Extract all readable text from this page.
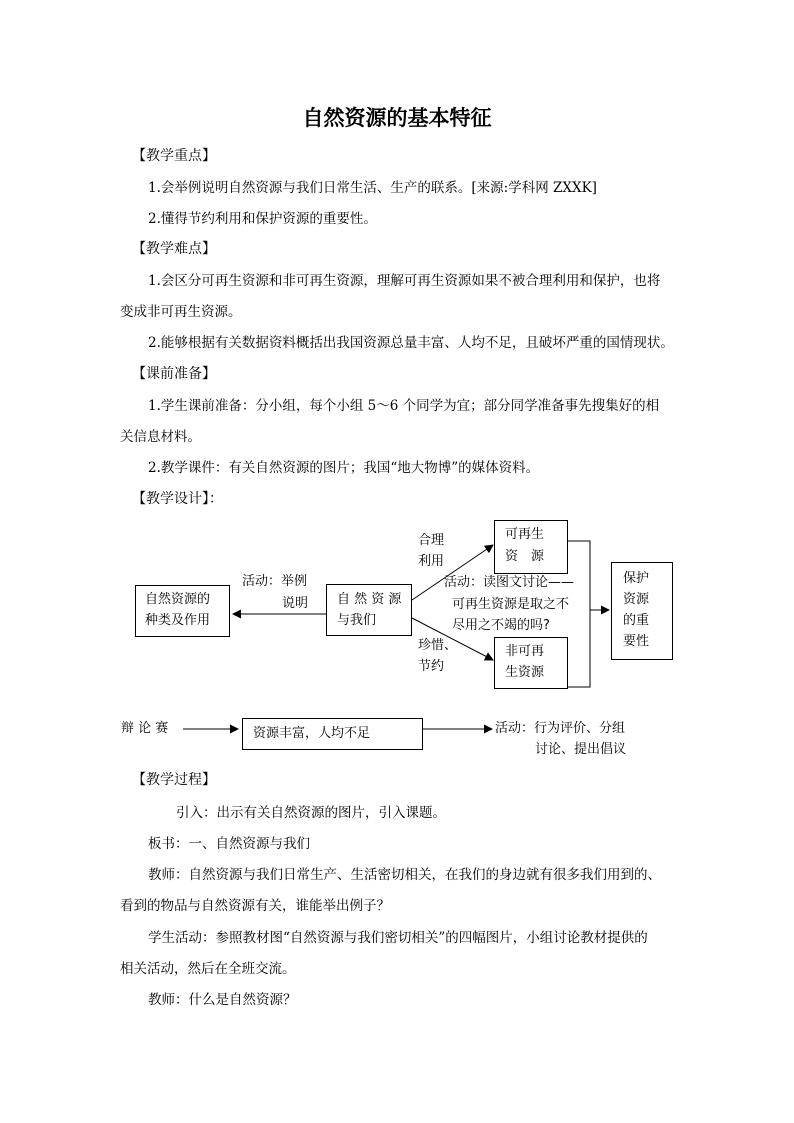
自然资源的基本特征
【教学重点】
1.会举例说明自然资源与我们日常生活、生产的联系。[来源:学科网 ZXXK]
2.懂得节约利用和保护资源的重要性。
【教学难点】
1.会区分可再生资源和非可再生资源，理解可再生资源如果不被合理利用和保护，也将
变成非可再生资源。
2.能够根据有关数据资料概括出我国资源总量丰富、人均不足，且破坏严重的国情现状。
【课前准备】
1.学生课前准备：分小组，每个小组 5～6 个同学为宜；部分同学准备事先搜集好的相
关信息材料。
2.教学课件：有关自然资源的图片；我国“地大物博”的媒体资料。
【教学设计】：
自然资源的
种类及作用
自 然 资 源
与我们
可再生
资　源
非可再
生资源
保护
资源
的重
要性
活动：举例
说明
合理
利用
珍惜、
节约
活动：读图文讨论——
可再生资源是取之不
尽用之不竭的吗?
辩 论 赛	资源丰富，人均不足	活动：行为评价、分组
讨论、提出倡议
【教学过程】
引入：出示有关自然资源的图片，引入课题。
板书：一、自然资源与我们
教师：自然资源与我们日常生产、生活密切相关，在我们的身边就有很多我们用到的、
看到的物品与自然资源有关，谁能举出例子？
学生活动：参照教材图“自然资源与我们密切相关”的四幅图片，小组讨论教材提供的
相关活动，然后在全班交流。
教师：什么是自然资源？
